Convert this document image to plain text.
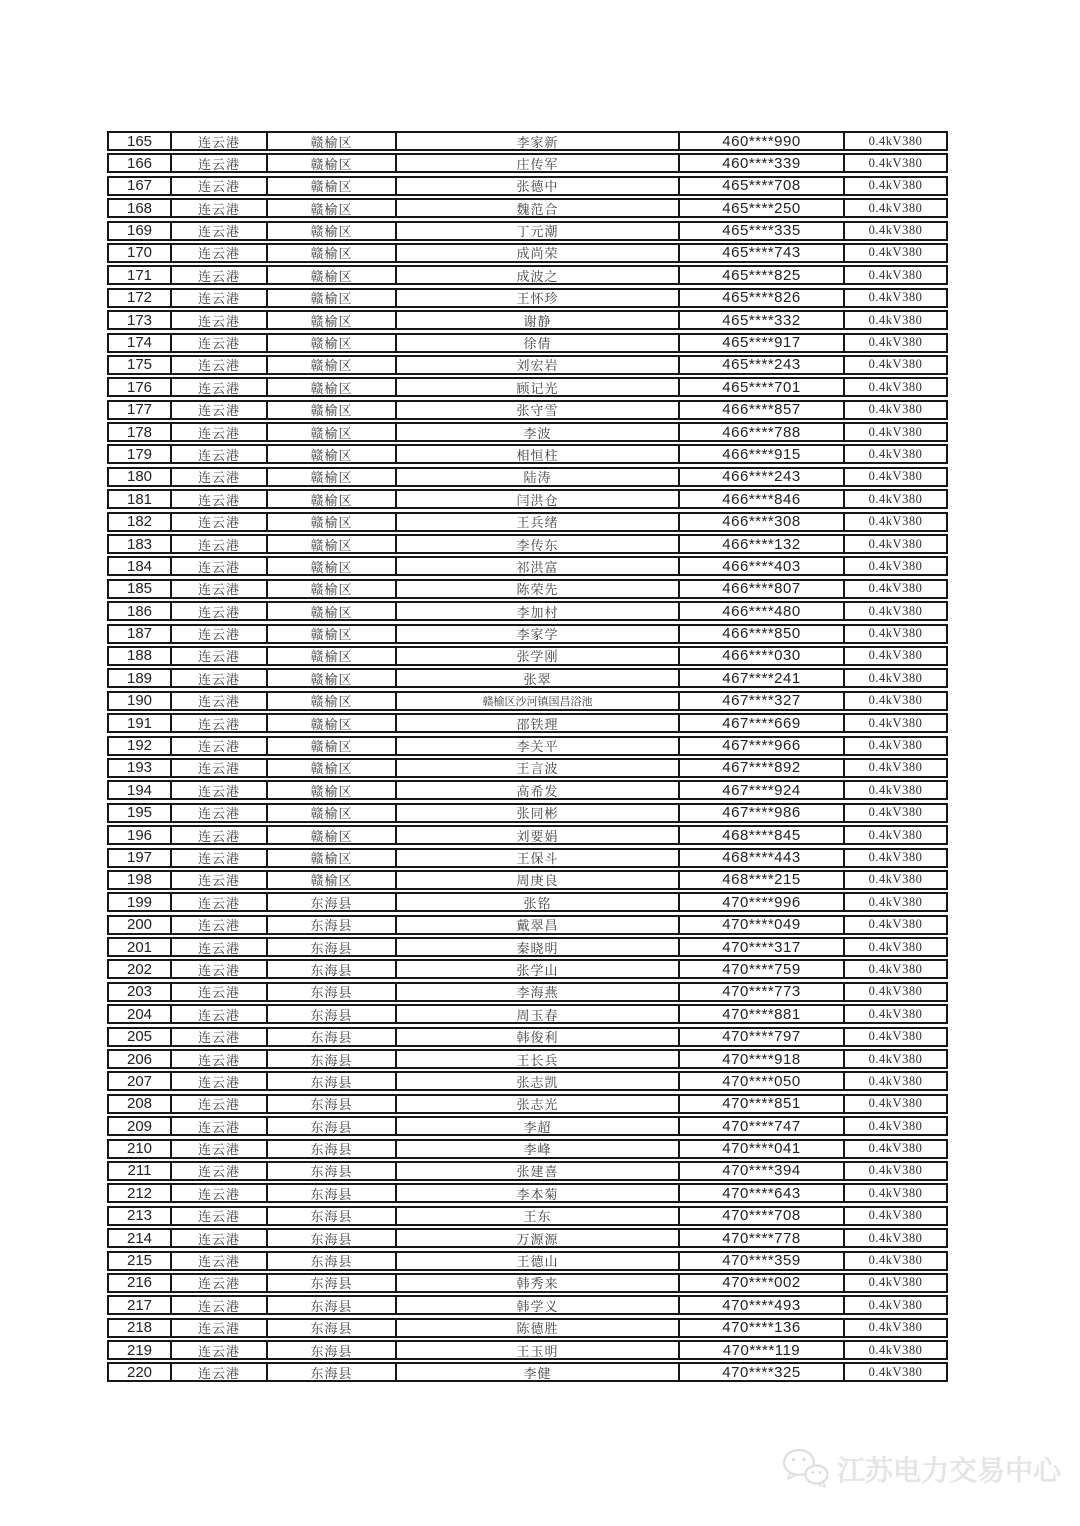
165	连云港	赣榆区	李家新	460****990	0.4kV380
166	连云港	赣榆区	庄传军	460****339	0.4kV380
167	连云港	赣榆区	张德中	465****708	0.4kV380
168	连云港	赣榆区	魏范合	465****250	0.4kV380
169	连云港	赣榆区	丁元潮	465****335	0.4kV380
170	连云港	赣榆区	成尚荣	465****743	0.4kV380
171	连云港	赣榆区	成波之	465****825	0.4kV380
172	连云港	赣榆区	王怀珍	465****826	0.4kV380
173	连云港	赣榆区	谢静	465****332	0.4kV380
174	连云港	赣榆区	徐倩	465****917	0.4kV380
175	连云港	赣榆区	刘宏岩	465****243	0.4kV380
176	连云港	赣榆区	顾记光	465****701	0.4kV380
177	连云港	赣榆区	张守雪	466****857	0.4kV380
178	连云港	赣榆区	李波	466****788	0.4kV380
179	连云港	赣榆区	相恒柱	466****915	0.4kV380
180	连云港	赣榆区	陆涛	466****243	0.4kV380
181	连云港	赣榆区	闫洪仓	466****846	0.4kV380
182	连云港	赣榆区	王兵绪	466****308	0.4kV380
183	连云港	赣榆区	李传东	466****132	0.4kV380
184	连云港	赣榆区	祁洪富	466****403	0.4kV380
185	连云港	赣榆区	陈荣先	466****807	0.4kV380
186	连云港	赣榆区	李加村	466****480	0.4kV380
187	连云港	赣榆区	李家学	466****850	0.4kV380
188	连云港	赣榆区	张学刚	466****030	0.4kV380
189	连云港	赣榆区	张翠	467****241	0.4kV380
190	连云港	赣榆区	赣榆区沙河镇国昌浴池	467****327	0.4kV380
191	连云港	赣榆区	邵铁理	467****669	0.4kV380
192	连云港	赣榆区	李关平	467****966	0.4kV380
193	连云港	赣榆区	王言波	467****892	0.4kV380
194	连云港	赣榆区	高希发	467****924	0.4kV380
195	连云港	赣榆区	张同彬	467****986	0.4kV380
196	连云港	赣榆区	刘要娟	468****845	0.4kV380
197	连云港	赣榆区	王保斗	468****443	0.4kV380
198	连云港	赣榆区	周庚良	468****215	0.4kV380
199	连云港	东海县	张铭	470****996	0.4kV380
200	连云港	东海县	戴翠昌	470****049	0.4kV380
201	连云港	东海县	秦晓明	470****317	0.4kV380
202	连云港	东海县	张学山	470****759	0.4kV380
203	连云港	东海县	李海燕	470****773	0.4kV380
204	连云港	东海县	周玉春	470****881	0.4kV380
205	连云港	东海县	韩俊利	470****797	0.4kV380
206	连云港	东海县	王长兵	470****918	0.4kV380
207	连云港	东海县	张志凯	470****050	0.4kV380
208	连云港	东海县	张志光	470****851	0.4kV380
209	连云港	东海县	李超	470****747	0.4kV380
210	连云港	东海县	李峰	470****041	0.4kV380
211	连云港	东海县	张建喜	470****394	0.4kV380
212	连云港	东海县	李本菊	470****643	0.4kV380
213	连云港	东海县	王东	470****708	0.4kV380
214	连云港	东海县	万源源	470****778	0.4kV380
215	连云港	东海县	王德山	470****359	0.4kV380
216	连云港	东海县	韩秀来	470****002	0.4kV380
217	连云港	东海县	韩学义	470****493	0.4kV380
218	连云港	东海县	陈德胜	470****136	0.4kV380
219	连云港	东海县	王玉明	470****119	0.4kV380
220	连云港	东海县	李健	470****325	0.4kV380
江苏电力交易中心
